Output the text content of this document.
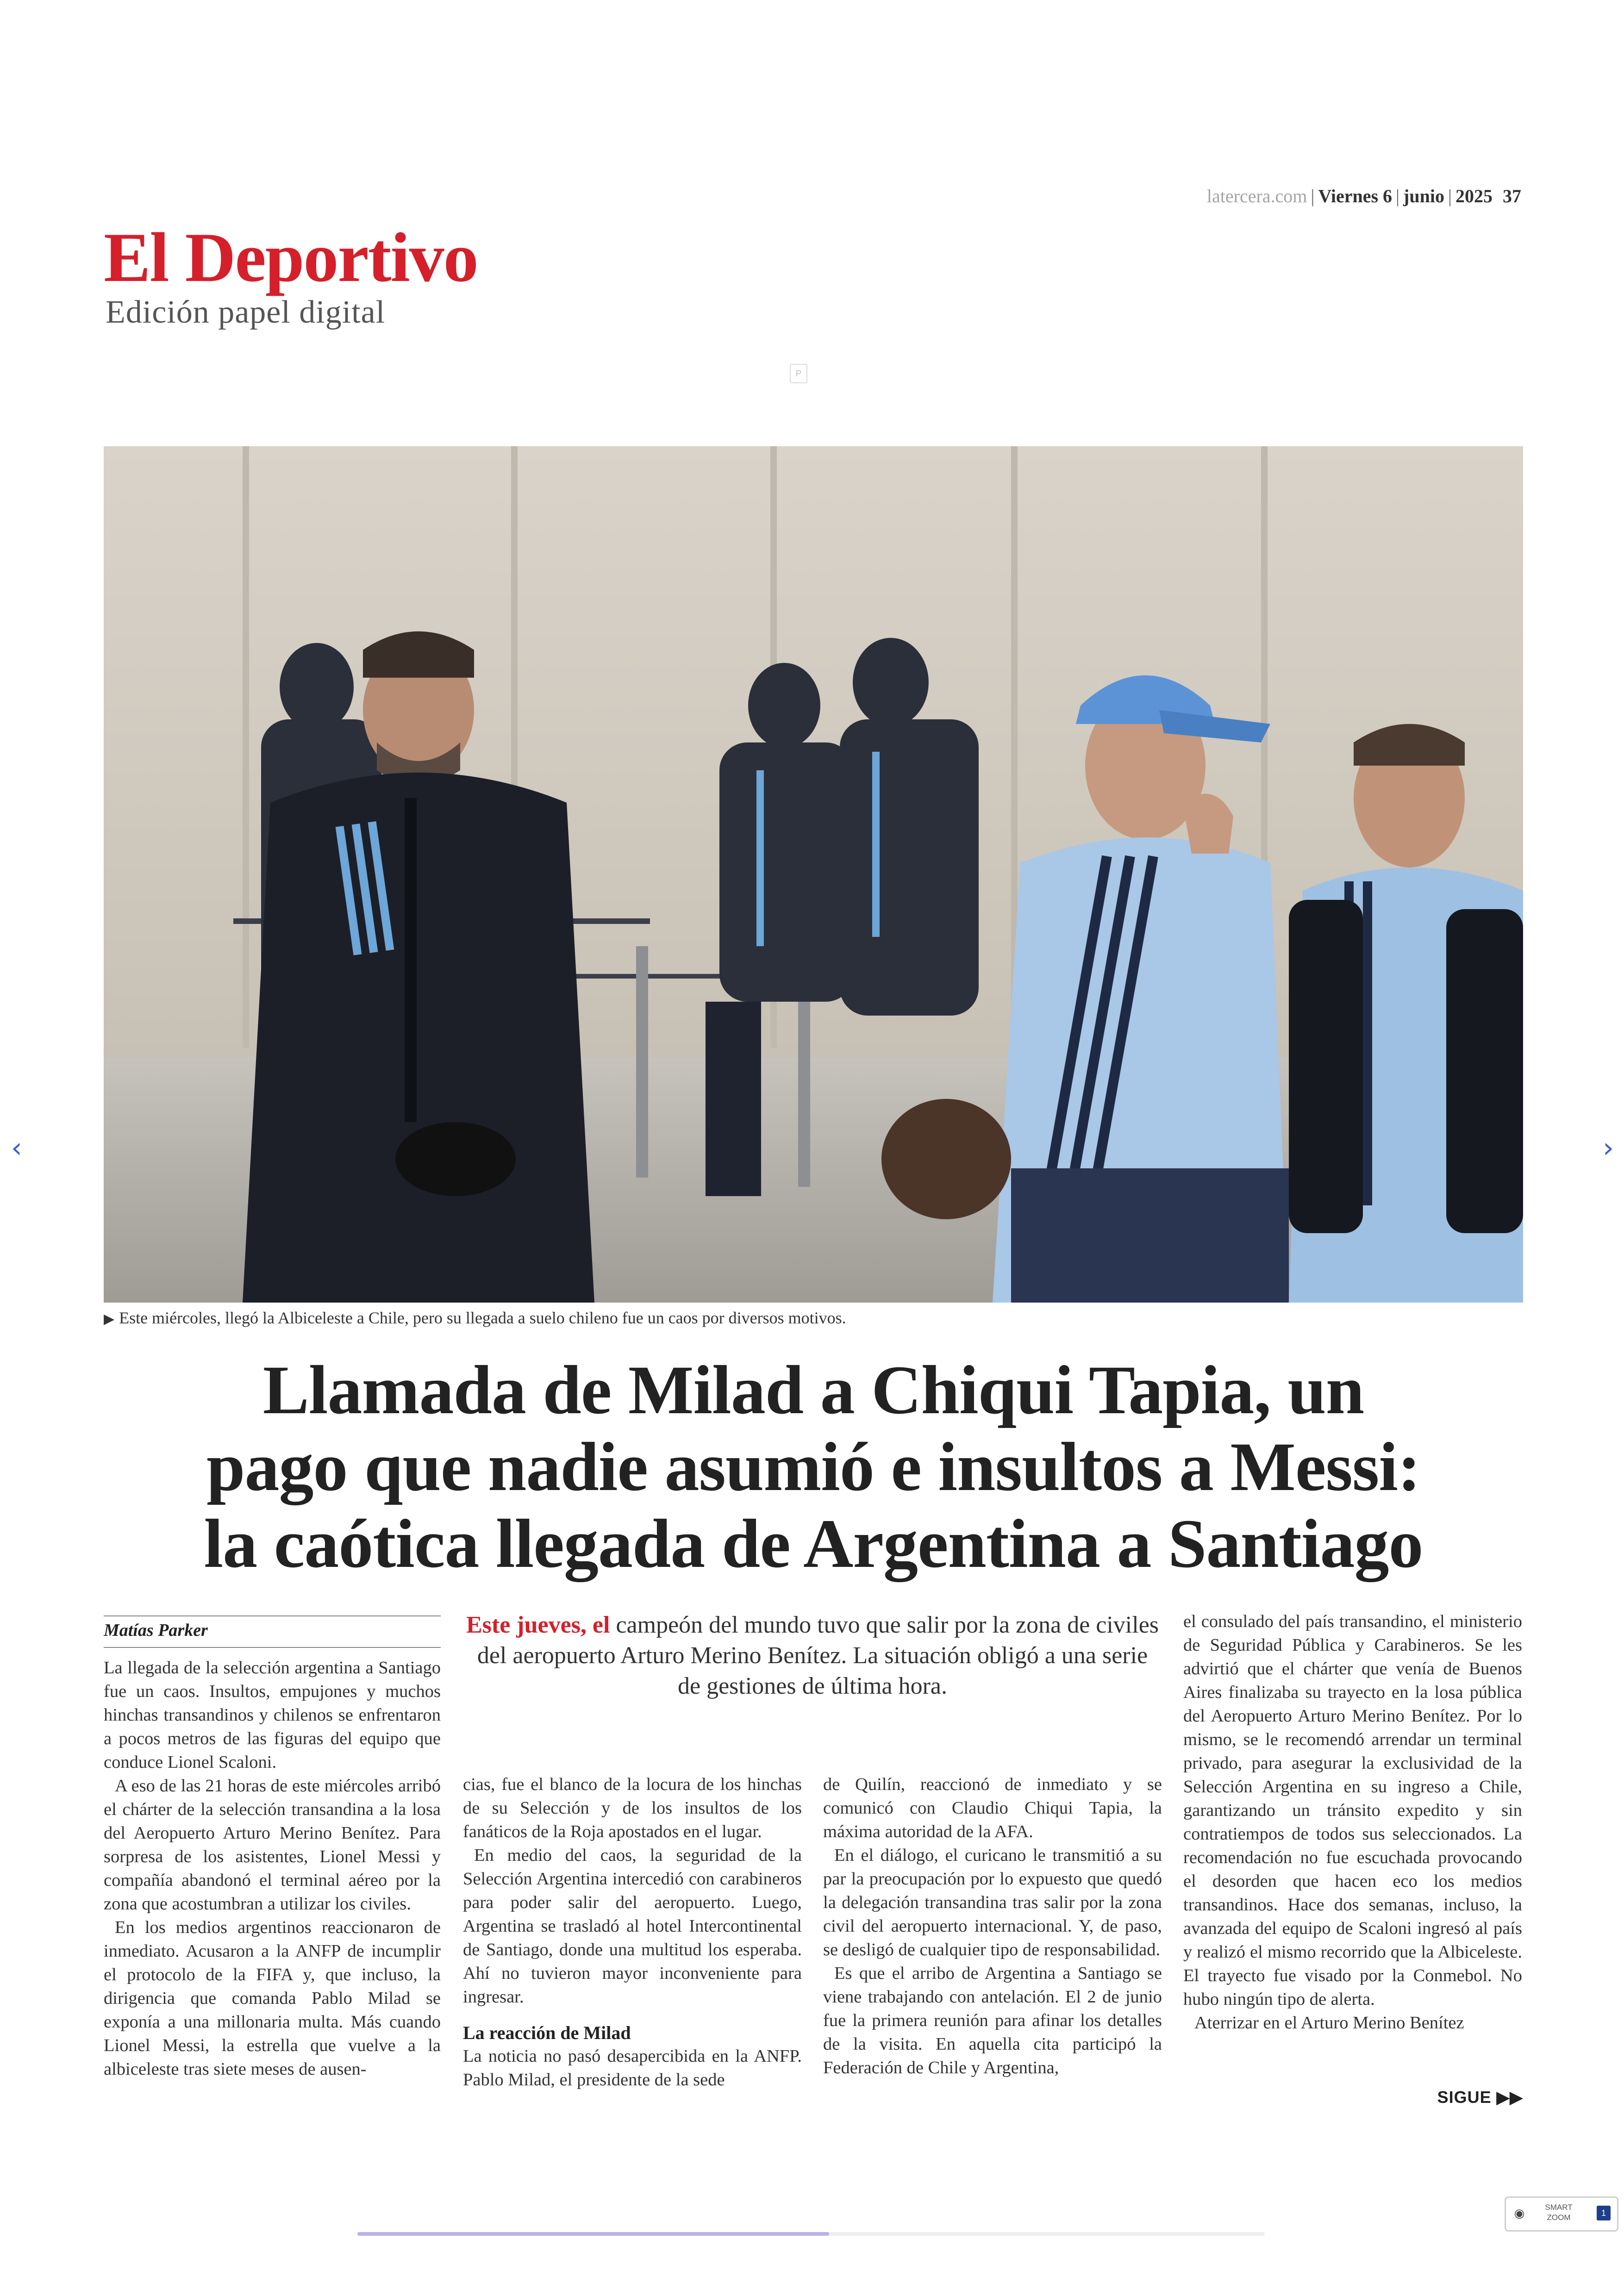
latercera.com | Viernes 6 | junio | 2025 37
El Deportivo
Edición papel digital
P
▶ Este miércoles, llegó la Albiceleste a Chile, pero su llegada a suelo chileno fue un caos por diversos motivos.
‹	›
Llamada de Milad a Chiqui Tapia, un
pago que nadie asumió e insultos a Messi:
la caótica llegada de Argentina a Santiago
Matías Parker	Este jueves, el campeón del mundo tuvo que salir por la zona de civiles del aeropuerto Arturo Merino Benítez. La situación obligó a una serie de gestiones de última hora.

La llegada de la selección argentina a Santiago fue un caos. Insultos, empujones y muchos hinchas transandinos y chilenos se enfrentaron a pocos metros de las figuras del equipo que conduce Lionel Scaloni.

A eso de las 21 horas de este miércoles arribó el chárter de la selección transandina a la losa del Aeropuerto Arturo Merino Benítez. Para sorpresa de los asistentes, Lionel Messi y compañía abandonó el terminal aéreo por la zona que acostumbran a utilizar los civiles.

En los medios argentinos reaccionaron de inmediato. Acusaron a la ANFP de incumplir el protocolo de la FIFA y, que incluso, la dirigencia que comanda Pablo Milad se exponía a una millonaria multa. Más cuando Lionel Messi, la estrella que vuelve a la albiceleste tras siete meses de ausen-

cias, fue el blanco de la locura de los hinchas de su Selección y de los insultos de los fanáticos de la Roja apostados en el lugar.

En medio del caos, la seguridad de la Selección Argentina intercedió con carabineros para poder salir del aeropuerto. Luego, Argentina se trasladó al hotel Intercontinental de Santiago, donde una multitud los esperaba. Ahí no tuvieron mayor inconveniente para ingresar.

La reacción de Milad

La noticia no pasó desapercibida en la ANFP. Pablo Milad, el presidente de la sede

de Quilín, reaccionó de inmediato y se comunicó con Claudio Chiqui Tapia, la máxima autoridad de la AFA.

En el diálogo, el curicano le transmitió a su par la preocupación por lo expuesto que quedó la delegación transandina tras salir por la zona civil del aeropuerto internacional. Y, de paso, se desligó de cualquier tipo de responsabilidad.

Es que el arribo de Argentina a Santiago se viene trabajando con antelación. El 2 de junio fue la primera reunión para afinar los detalles de la visita. En aquella cita participó la Federación de Chile y Argentina,

el consulado del país transandino, el ministerio de Seguridad Pública y Carabineros. Se les advirtió que el chárter que venía de Buenos Aires finalizaba su trayecto en la losa pública del Aeropuerto Arturo Merino Benítez. Por lo mismo, se le recomendó arrendar un terminal privado, para asegurar la exclusividad de la Selección Argentina en su ingreso a Chile, garantizando un tránsito expedito y sin contratiempos de todos sus seleccionados. La recomendación no fue escuchada provocando el desorden que hacen eco los medios transandinos. Hace dos semanas, incluso, la avanzada del equipo de Scaloni ingresó al país y realizó el mismo recorrido que la Albiceleste. El trayecto fue visado por la Conmebol. No hubo ningún tipo de alerta.

Aterrizar en el Arturo Merino Benítez

SIGUE ▶▶
◉	SMART ZOOM	1
